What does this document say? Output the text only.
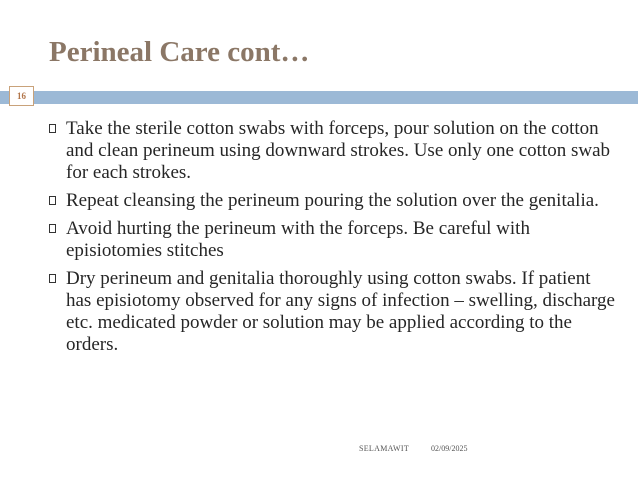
Perineal Care cont…
16
Take the sterile cotton swabs with forceps, pour solution on the cotton and clean perineum using downward strokes. Use only one cotton swab for each strokes.
Repeat cleansing the perineum pouring the solution over the genitalia.
Avoid hurting the perineum with the forceps. Be careful with episiotomies stitches
Dry perineum and genitalia thoroughly using cotton swabs. If patient has episiotomy observed for any signs of infection – swelling, discharge etc. medicated powder or solution may be applied according to the orders.
SELAMAWIT	02/09/2025
